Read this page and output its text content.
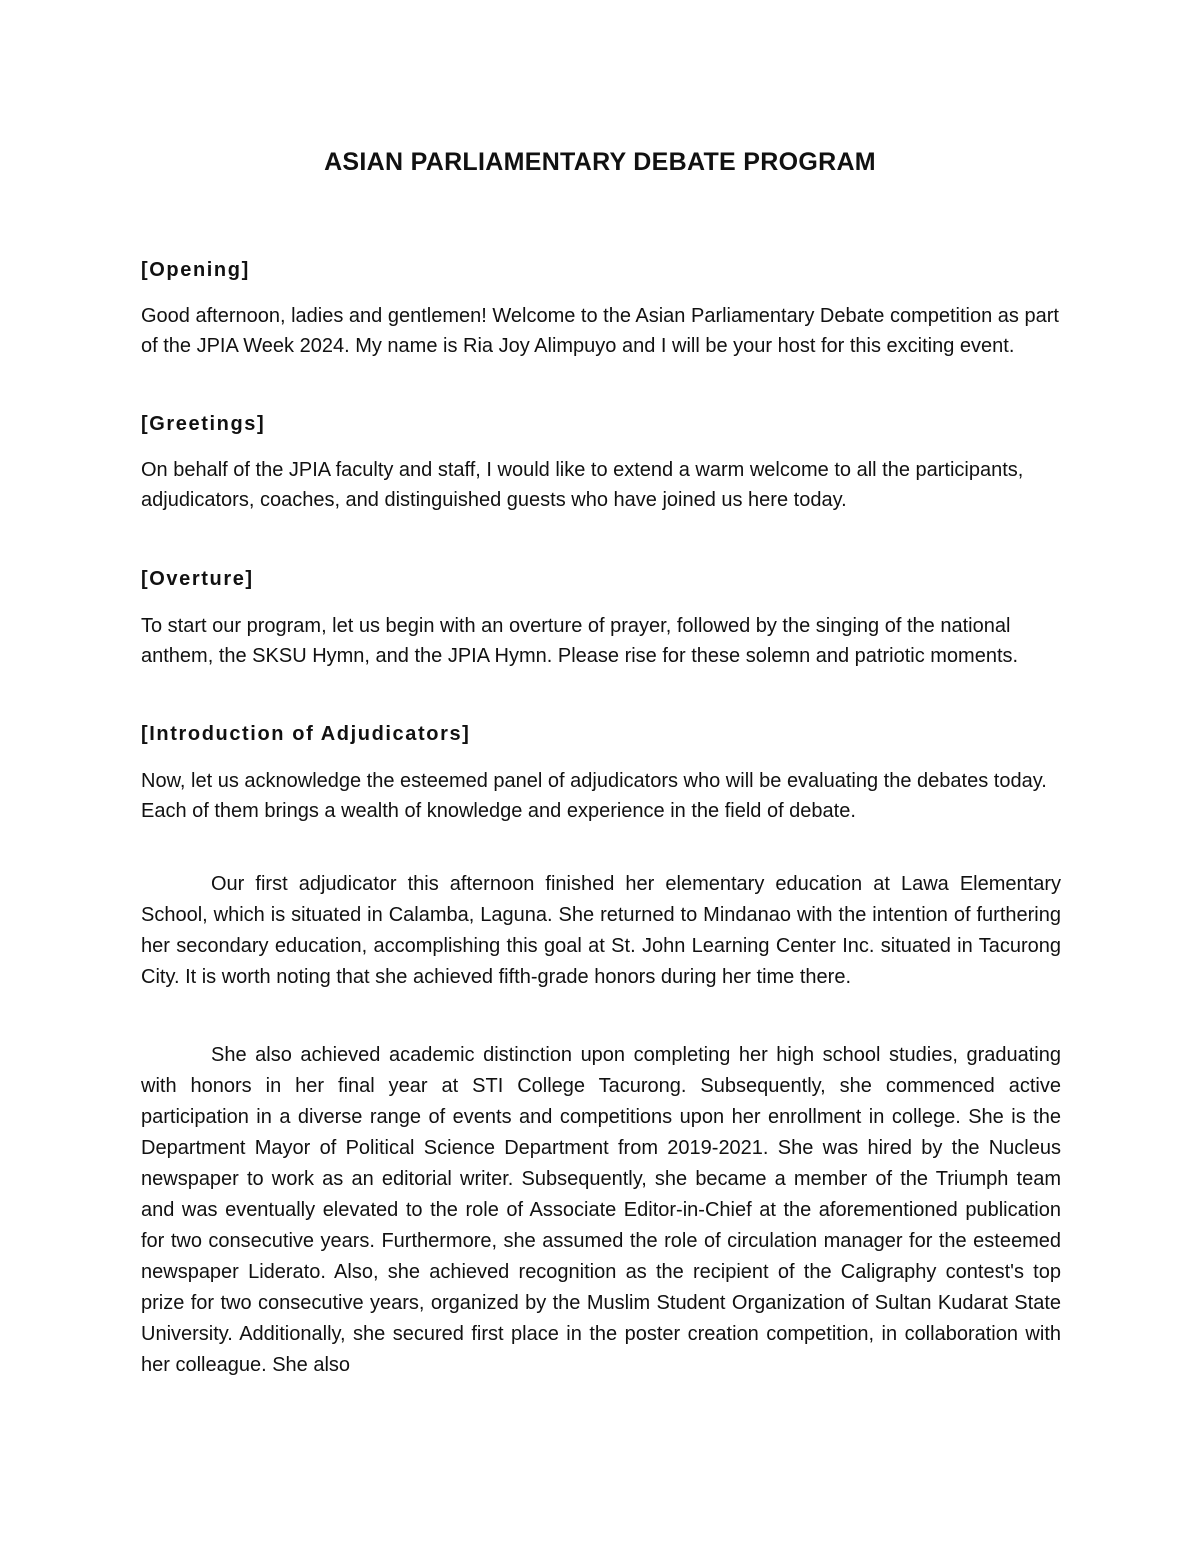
ASIAN PARLIAMENTARY DEBATE PROGRAM
[Opening]

Good afternoon, ladies and gentlemen! Welcome to the Asian Parliamentary Debate competition as part of the JPIA Week 2024. My name is Ria Joy Alimpuyo and I will be your host for this exciting event.

[Greetings]

On behalf of the JPIA faculty and staff, I would like to extend a warm welcome to all the participants, adjudicators, coaches, and distinguished guests who have joined us here today.

[Overture]

To start our program, let us begin with an overture of prayer, followed by the singing of the national anthem, the SKSU Hymn, and the JPIA Hymn. Please rise for these solemn and patriotic moments.

[Introduction of Adjudicators]

Now, let us acknowledge the esteemed panel of adjudicators who will be evaluating the debates today. Each of them brings a wealth of knowledge and experience in the field of debate.

Our first adjudicator this afternoon finished her elementary education at Lawa Elementary School, which is situated in Calamba, Laguna. She returned to Mindanao with the intention of furthering her secondary education, accomplishing this goal at St. John Learning Center Inc. situated in Tacurong City. It is worth noting that she achieved fifth-grade honors during her time there.

She also achieved academic distinction upon completing her high school studies, graduating with honors in her final year at STI College Tacurong. Subsequently, she commenced active participation in a diverse range of events and competitions upon her enrollment in college. She is the Department Mayor of Political Science Department from 2019-2021. She was hired by the Nucleus newspaper to work as an editorial writer. Subsequently, she became a member of the Triumph team and was eventually elevated to the role of Associate Editor-in-Chief at the aforementioned publication for two consecutive years. Furthermore, she assumed the role of circulation manager for the esteemed newspaper Liderato. Also, she achieved recognition as the recipient of the Caligraphy contest's top prize for two consecutive years, organized by the Muslim Student Organization of Sultan Kudarat State University. Additionally, she secured first place in the poster creation competition, in collaboration with her colleague. She also
